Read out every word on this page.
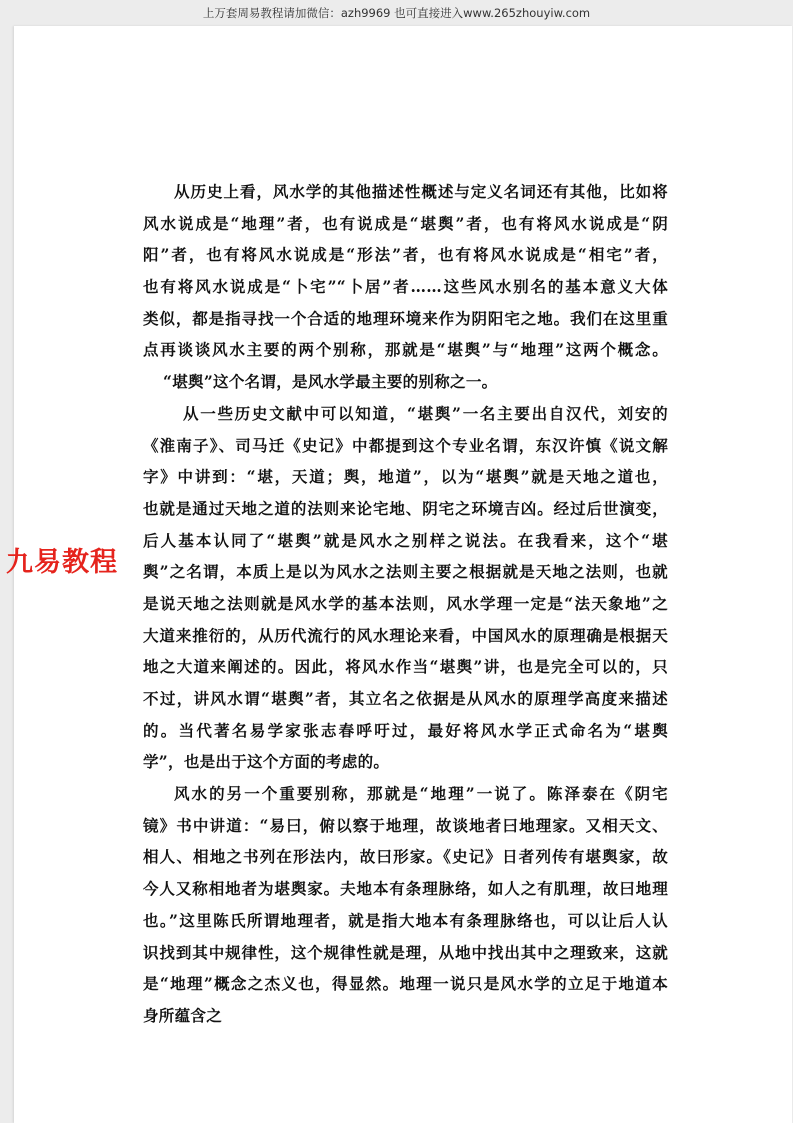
上万套周易教程请加微信：azh9969 也可直接进入www.265zhouyiw.com
九易教程
从历史上看，风水学的其他描述性概述与定义名词还有其他，比如将
风水说成是“地理”者，也有说成是“堪舆”者，也有将风水说成是“阴
阳”者，也有将风水说成是“形法”者，也有将风水说成是“相宅”者，
也有将风水说成是“卜宅”“卜居”者……这些风水别名的基本意义大体
类似，都是指寻找一个合适的地理环境来作为阴阳宅之地。我们在这里重
点再谈谈风水主要的两个别称，那就是“堪舆”与“地理”这两个概念。
“堪舆”这个名谓，是风水学最主要的别称之一。
从一些历史文献中可以知道，“堪舆”一名主要出自汉代，刘安的
《淮南子》、司马迁《史记》中都提到这个专业名谓，东汉许慎《说文解
字》中讲到：“堪，天道；舆，地道”，以为“堪舆”就是天地之道也，
也就是通过天地之道的法则来论宅地、阴宅之环境吉凶。经过后世演变，
后人基本认同了“堪舆”就是风水之别样之说法。在我看来，这个“堪
舆”之名谓，本质上是以为风水之法则主要之根据就是天地之法则，也就
是说天地之法则就是风水学的基本法则，风水学理一定是“法天象地”之
大道来推衍的，从历代流行的风水理论来看，中国风水的原理确是根据天
地之大道来阐述的。因此，将风水作当“堪舆”讲，也是完全可以的，只
不过，讲风水谓“堪舆”者，其立名之依据是从风水的原理学高度来描述
的。当代著名易学家张志春呼吁过，最好将风水学正式命名为“堪舆
学”，也是出于这个方面的考虑的。
风水的另一个重要别称，那就是“地理”一说了。陈泽泰在《阴宅
镜》书中讲道：“易曰，俯以察于地理，故谈地者曰地理家。又相天文、
相人、相地之书列在形法内，故曰形家。《史记》日者列传有堪舆家，故
今人又称相地者为堪舆家。夫地本有条理脉络，如人之有肌理，故曰地理
也。”这里陈氏所谓地理者，就是指大地本有条理脉络也，可以让后人认
识找到其中规律性，这个规律性就是理，从地中找出其中之理致来，这就
是“地理”概念之杰义也，得显然。地理一说只是风水学的立足于地道本
身所蕴含之
